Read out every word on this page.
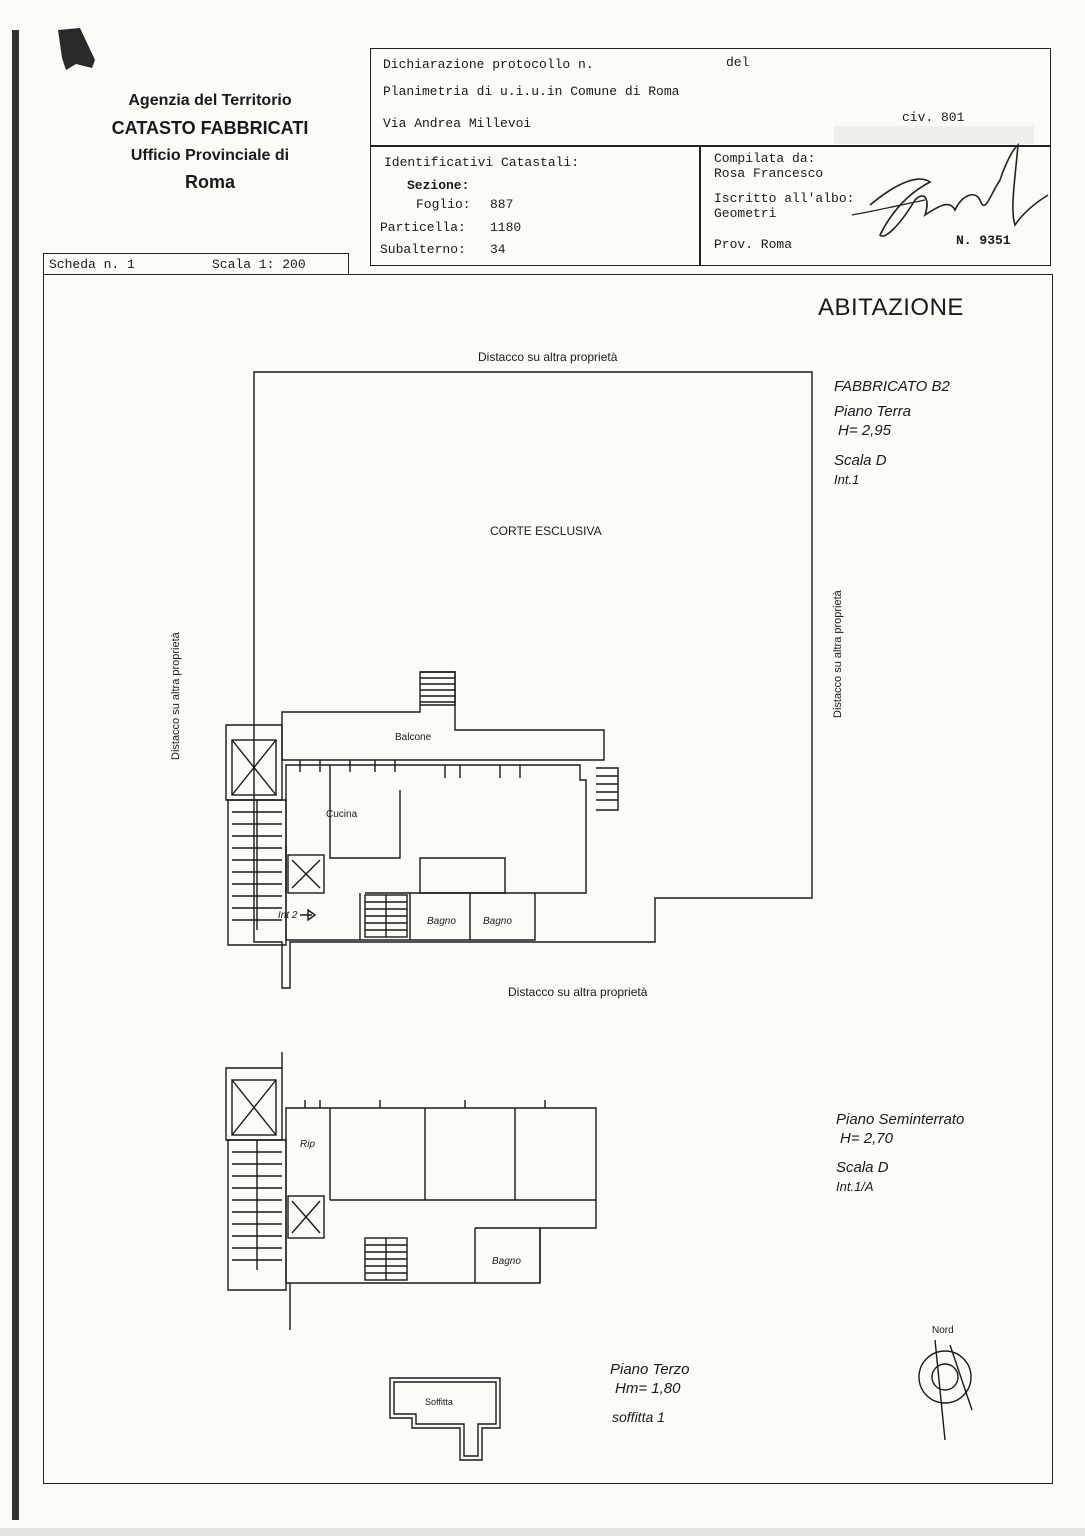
Agenzia del Territorio
CATASTO FABBRICATI
Ufficio Provinciale di
Roma
Dichiarazione protocollo n.	del
Planimetria di u.i.u.in Comune di Roma
Via Andrea Millevoi	civ. 801
Identificativi Catastali:
Sezione:
Foglio: 887
Particella: 1180
Subalterno: 34
Compilata da:
Rosa Francesco
Iscritto all'albo:
Geometri
Prov. Roma	N. 9351
Scheda n. 1	Scala 1: 200
ABITAZIONE
Distacco su altra proprietà
Distacco su altra proprietà
Distacco su altra proprietà	Distacco su altra proprietà
CORTE ESCLUSIVA
FABBRICATO B2
Piano Terra
H= 2,95
Scala D
Int.1
Piano Seminterrato
H= 2,70
Scala D
Int.1/A
Piano Terzo
Hm= 1,80
soffitta 1
Balcone
Cucina
Bagno	Bagno
Int 2
Rip
Bagno
Soffitta
Nord
